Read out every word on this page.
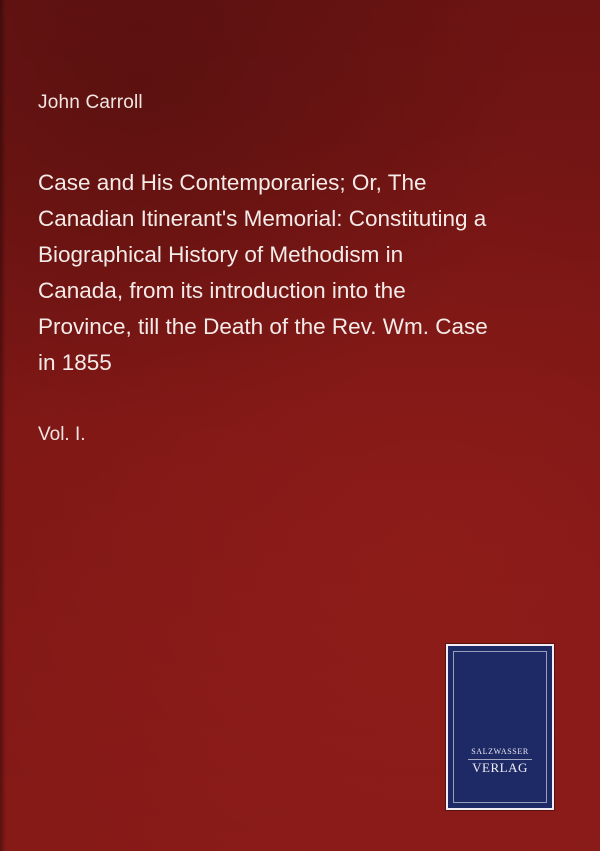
John Carroll
Case and His Contemporaries; Or, The
Canadian Itinerant's Memorial: Constituting a
Biographical History of Methodism in
Canada, from its introduction into the
Province, till the Death of the Rev. Wm. Case
in 1855
Vol. I.
SALZWASSER
VERLAG
